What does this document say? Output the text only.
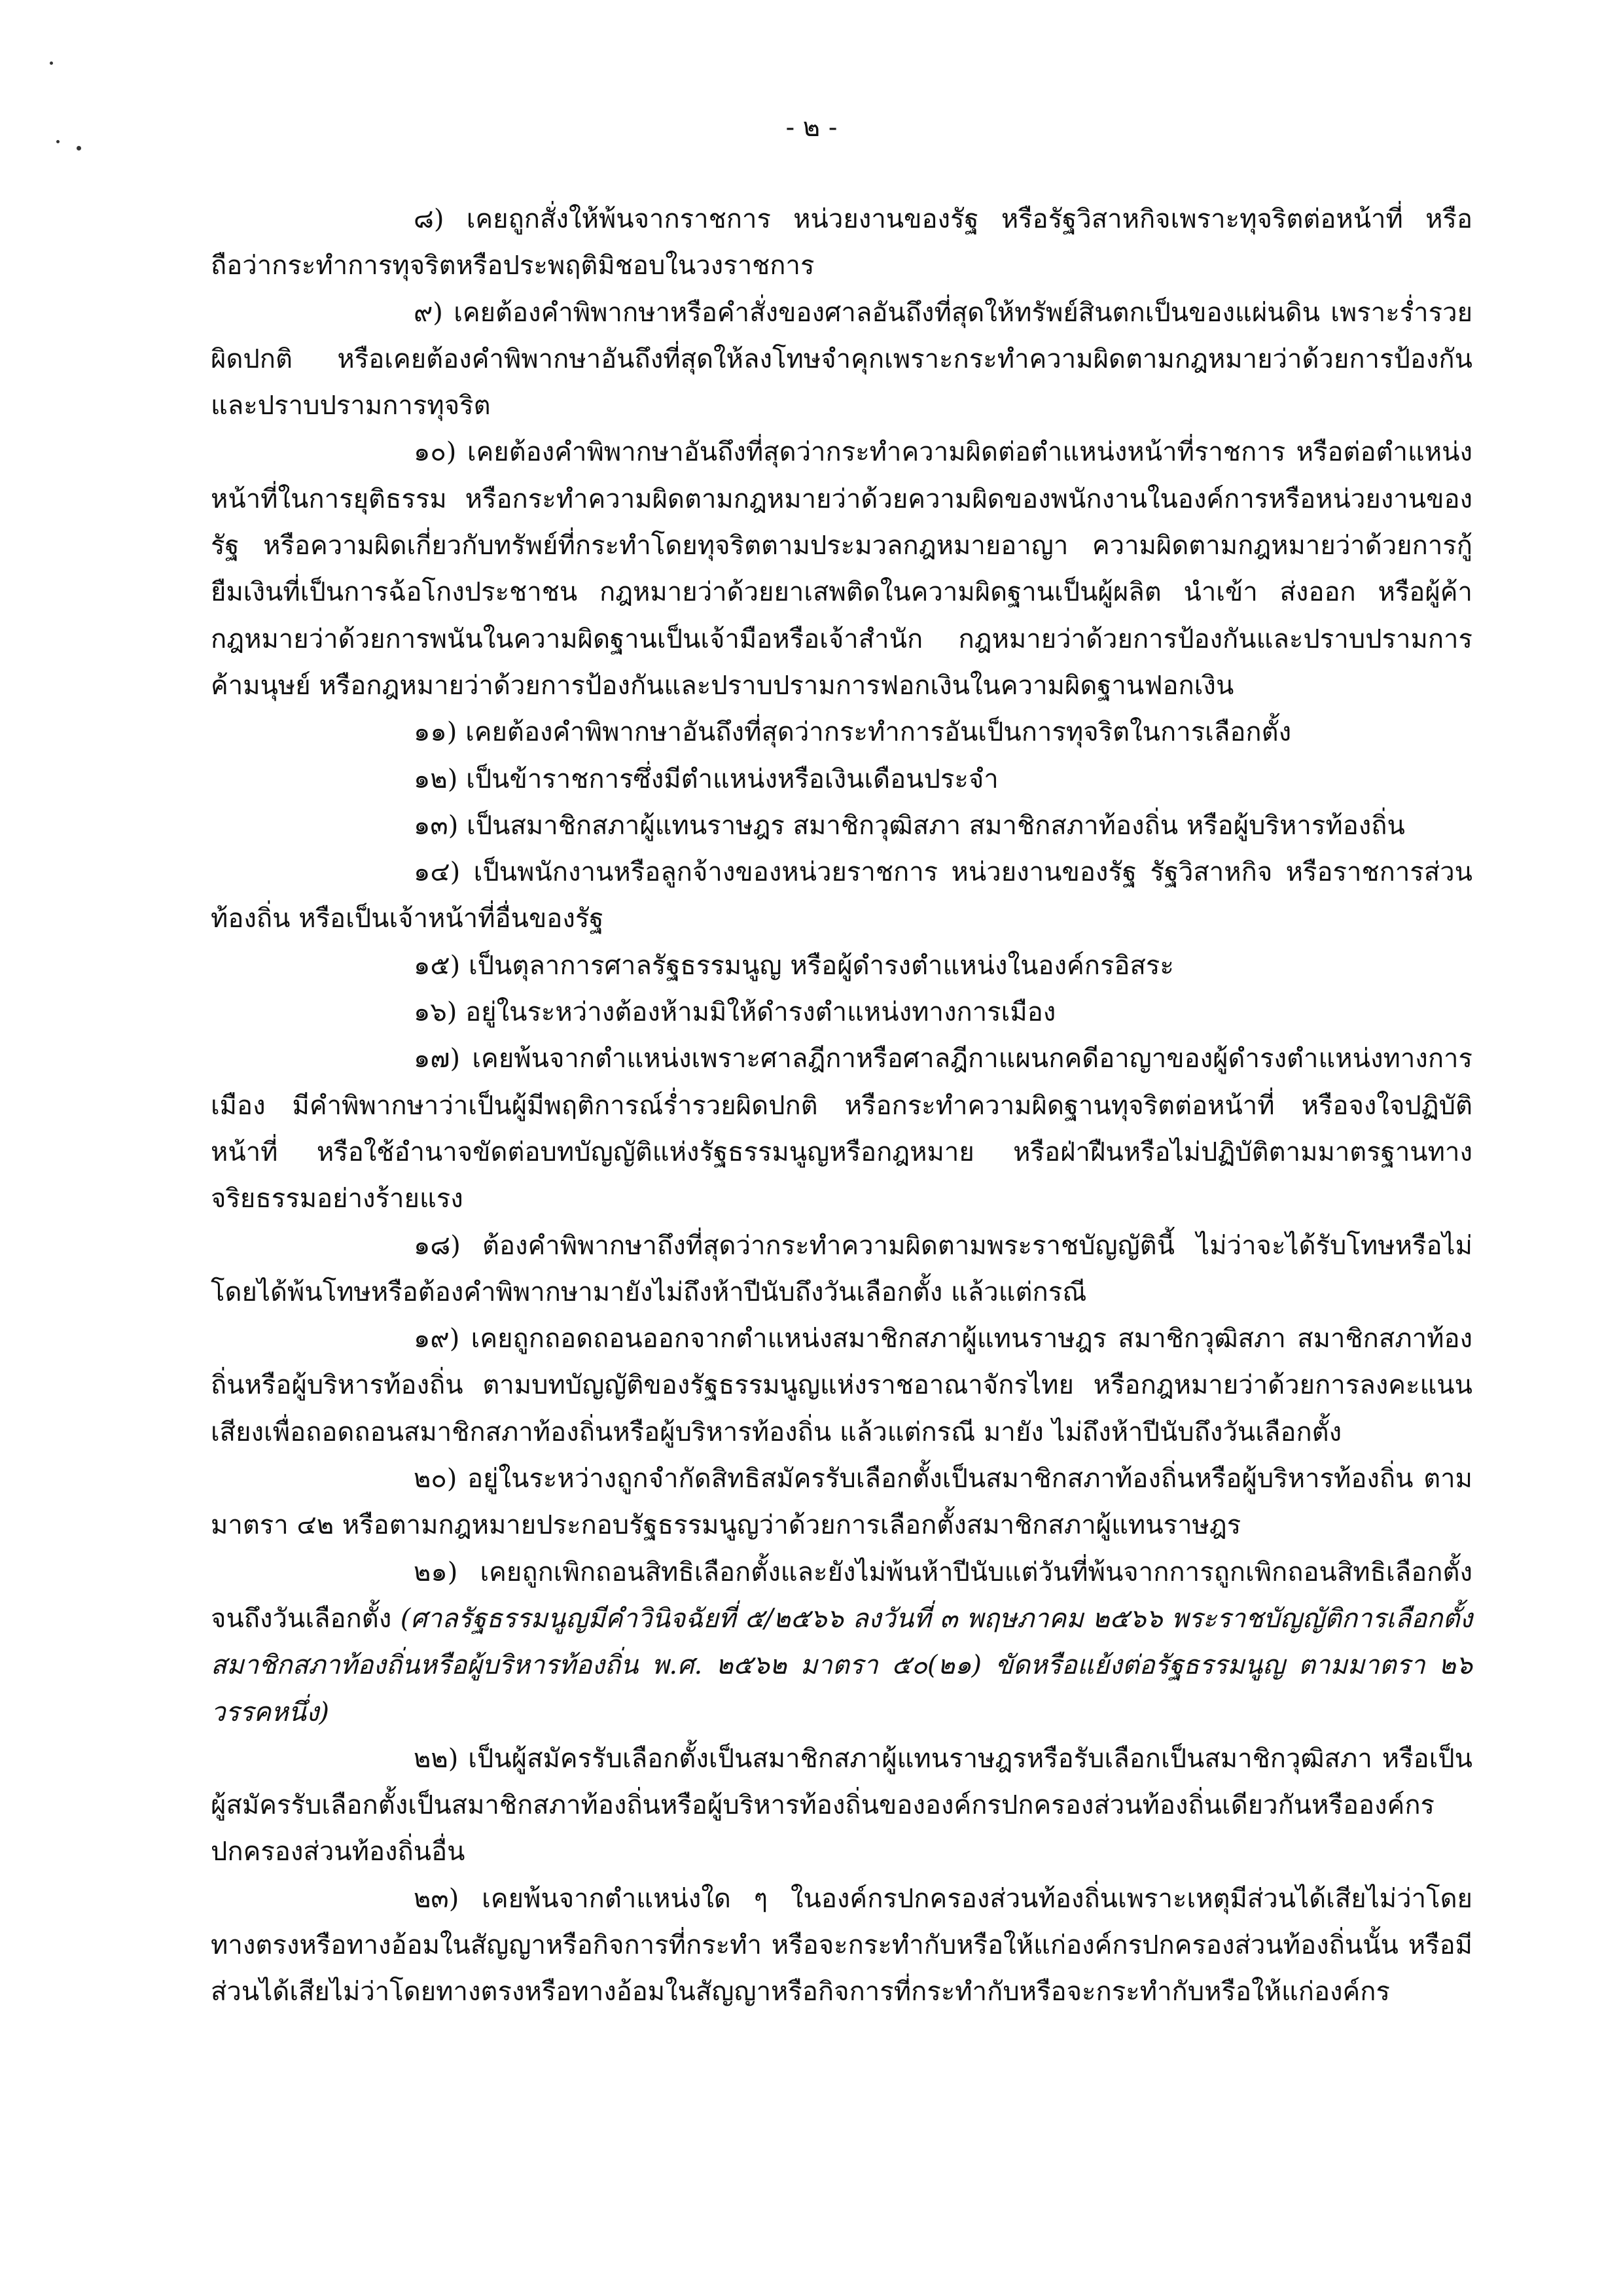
- ๒ -

๘) เคยถูกสั่งให้พ้นจากราชการ หน่วยงานของรัฐ หรือรัฐวิสาหกิจเพราะทุจริตต่อหน้าที่ หรือถือว่ากระทำการทุจริตหรือประพฤติมิชอบในวงราชการ

๙) เคยต้องคำพิพากษาหรือคำสั่งของศาลอันถึงที่สุดให้ทรัพย์สินตกเป็นของแผ่นดิน เพราะร่ำรวยผิดปกติ หรือเคยต้องคำพิพากษาอันถึงที่สุดให้ลงโทษจำคุกเพราะกระทำความผิดตามกฎหมายว่าด้วยการป้องกันและปราบปรามการทุจริต

๑๐) เคยต้องคำพิพากษาอันถึงที่สุดว่ากระทำความผิดต่อตำแหน่งหน้าที่ราชการ หรือต่อตำแหน่งหน้าที่ในการยุติธรรม หรือกระทำความผิดตามกฎหมายว่าด้วยความผิดของพนักงานในองค์การหรือหน่วยงานของรัฐ หรือความผิดเกี่ยวกับทรัพย์ที่กระทำโดยทุจริตตามประมวลกฎหมายอาญา ความผิดตามกฎหมายว่าด้วยการกู้ยืมเงินที่เป็นการฉ้อโกงประชาชน กฎหมายว่าด้วยยาเสพติดในความผิดฐานเป็นผู้ผลิต นำเข้า ส่งออก หรือผู้ค้า กฎหมายว่าด้วยการพนันในความผิดฐานเป็นเจ้ามือหรือเจ้าสำนัก กฎหมายว่าด้วยการป้องกันและปราบปรามการค้ามนุษย์ หรือกฎหมายว่าด้วยการป้องกันและปราบปรามการฟอกเงินในความผิดฐานฟอกเงิน

๑๑) เคยต้องคำพิพากษาอันถึงที่สุดว่ากระทำการอันเป็นการทุจริตในการเลือกตั้ง

๑๒) เป็นข้าราชการซึ่งมีตำแหน่งหรือเงินเดือนประจำ

๑๓) เป็นสมาชิกสภาผู้แทนราษฎร สมาชิกวุฒิสภา สมาชิกสภาท้องถิ่น หรือผู้บริหารท้องถิ่น

๑๔) เป็นพนักงานหรือลูกจ้างของหน่วยราชการ หน่วยงานของรัฐ รัฐวิสาหกิจ หรือราชการส่วนท้องถิ่น หรือเป็นเจ้าหน้าที่อื่นของรัฐ

๑๕) เป็นตุลาการศาลรัฐธรรมนูญ หรือผู้ดำรงตำแหน่งในองค์กรอิสระ

๑๖) อยู่ในระหว่างต้องห้ามมิให้ดำรงตำแหน่งทางการเมือง

๑๗) เคยพ้นจากตำแหน่งเพราะศาลฎีกาหรือศาลฎีกาแผนกคดีอาญาของผู้ดำรงตำแหน่งทางการเมือง มีคำพิพากษาว่าเป็นผู้มีพฤติการณ์ร่ำรวยผิดปกติ หรือกระทำความผิดฐานทุจริตต่อหน้าที่ หรือจงใจปฏิบัติหน้าที่ หรือใช้อำนาจขัดต่อบทบัญญัติแห่งรัฐธรรมนูญหรือกฎหมาย หรือฝ่าฝืนหรือไม่ปฏิบัติตามมาตรฐานทางจริยธรรมอย่างร้ายแรง

๑๘) ต้องคำพิพากษาถึงที่สุดว่ากระทำความผิดตามพระราชบัญญัตินี้ ไม่ว่าจะได้รับโทษหรือไม่ โดยได้พ้นโทษหรือต้องคำพิพากษามายังไม่ถึงห้าปีนับถึงวันเลือกตั้ง แล้วแต่กรณี

๑๙) เคยถูกถอดถอนออกจากตำแหน่งสมาชิกสภาผู้แทนราษฎร สมาชิกวุฒิสภา สมาชิกสภาท้องถิ่นหรือผู้บริหารท้องถิ่น ตามบทบัญญัติของรัฐธรรมนูญแห่งราชอาณาจักรไทย หรือกฎหมายว่าด้วยการลงคะแนนเสียงเพื่อถอดถอนสมาชิกสภาท้องถิ่นหรือผู้บริหารท้องถิ่น แล้วแต่กรณี มายัง ไม่ถึงห้าปีนับถึงวันเลือกตั้ง

๒๐) อยู่ในระหว่างถูกจำกัดสิทธิสมัครรับเลือกตั้งเป็นสมาชิกสภาท้องถิ่นหรือผู้บริหารท้องถิ่น ตามมาตรา ๔๒ หรือตามกฎหมายประกอบรัฐธรรมนูญว่าด้วยการเลือกตั้งสมาชิกสภาผู้แทนราษฎร

๒๑) เคยถูกเพิกถอนสิทธิเลือกตั้งและยังไม่พ้นห้าปีนับแต่วันที่พ้นจากการถูกเพิกถอนสิทธิเลือกตั้ง จนถึงวันเลือกตั้ง (ศาลรัฐธรรมนูญมีคำวินิจฉัยที่ ๕/๒๕๖๖ ลงวันที่ ๓ พฤษภาคม ๒๕๖๖ พระราชบัญญัติการเลือกตั้งสมาชิกสภาท้องถิ่นหรือผู้บริหารท้องถิ่น พ.ศ. ๒๕๖๒ มาตรา ๕๐(๒๑) ขัดหรือแย้งต่อรัฐธรรมนูญ ตามมาตรา ๒๖ วรรคหนึ่ง)

๒๒) เป็นผู้สมัครรับเลือกตั้งเป็นสมาชิกสภาผู้แทนราษฎรหรือรับเลือกเป็นสมาชิกวุฒิสภา หรือเป็นผู้สมัครรับเลือกตั้งเป็นสมาชิกสภาท้องถิ่นหรือผู้บริหารท้องถิ่นขององค์กรปกครองส่วนท้องถิ่นเดียวกันหรือองค์กรปกครองส่วนท้องถิ่นอื่น

๒๓) เคยพ้นจากตำแหน่งใด ๆ ในองค์กรปกครองส่วนท้องถิ่นเพราะเหตุมีส่วนได้เสียไม่ว่าโดยทางตรงหรือทางอ้อมในสัญญาหรือกิจการที่กระทำ หรือจะกระทำกับหรือให้แก่องค์กรปกครองส่วนท้องถิ่นนั้น หรือมีส่วนได้เสียไม่ว่าโดยทางตรงหรือทางอ้อมในสัญญาหรือกิจการที่กระทำกับหรือจะกระทำกับหรือให้แก่องค์กร
